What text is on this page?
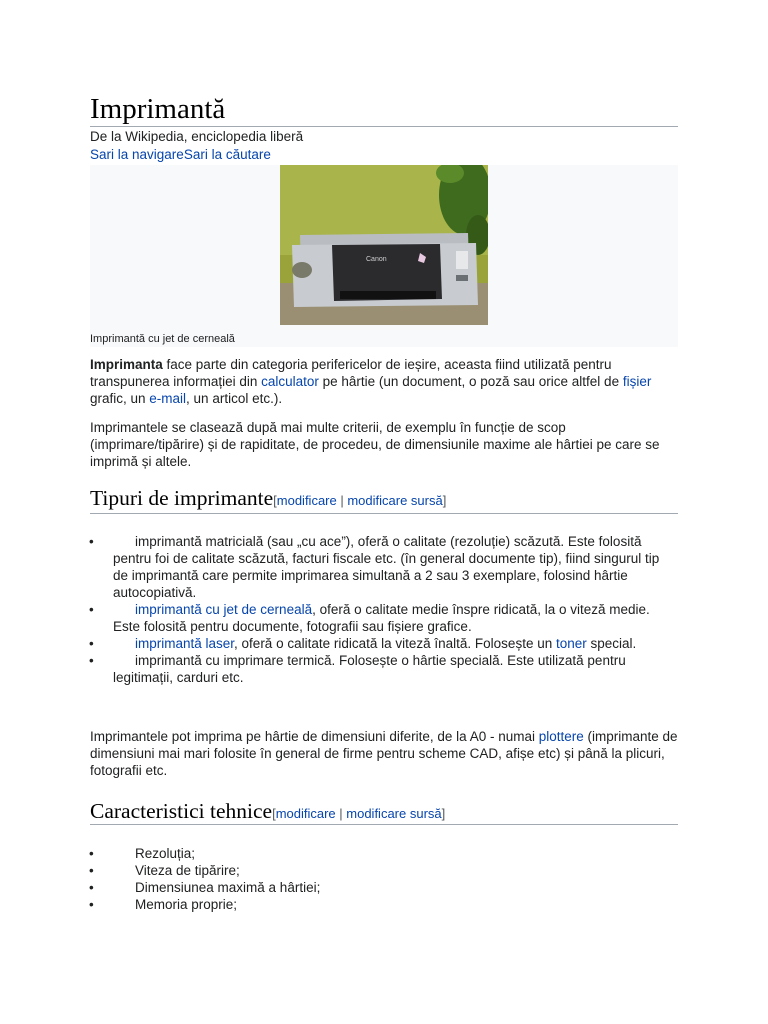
Imprimantă
De la Wikipedia, enciclopedia liberă
Sari la navigareSari la căutare
Canon
Imprimantă cu jet de cerneală

Imprimanta face parte din categoria perifericelor de ieșire, aceasta fiind utilizată pentru transpunerea informației din calculator pe hârtie (un document, o poză sau orice altfel de fișier grafic, un e-mail, un articol etc.).

Imprimantele se clasează după mai multe criterii, de exemplu în funcție de scop (imprimare/tipărire) și de rapiditate, de procedeu, de dimensiunile maxime ale hârtiei pe care se imprimă și altele.

Tipuri de imprimante[modificare | modificare sursă]
•	imprimantă matricială (sau „cu ace”), oferă o calitate (rezoluție) scăzută. Este folosită pentru foi de calitate scăzută, facturi fiscale etc. (în general documente tip), fiind singurul tip de imprimantă care permite imprimarea simultană a 2 sau 3 exemplare, folosind hârtie autocopiativă.
•	imprimantă cu jet de cerneală, oferă o calitate medie înspre ridicată, la o viteză medie. Este folosită pentru documente, fotografii sau fișiere grafice.
•	imprimantă laser, oferă o calitate ridicată la viteză înaltă. Folosește un toner special.
•	imprimantă cu imprimare termică. Folosește o hârtie specială. Este utilizată pentru legitimații, carduri etc.

Imprimantele pot imprima pe hârtie de dimensiuni diferite, de la A0 - numai plottere (imprimante de dimensiuni mai mari folosite în general de firme pentru scheme CAD, afișe etc) și până la plicuri, fotografii etc.

Caracteristici tehnice[modificare | modificare sursă]
•	Rezoluția;
•	Viteza de tipărire;
•	Dimensiunea maximă a hârtiei;
•	Memoria proprie;
